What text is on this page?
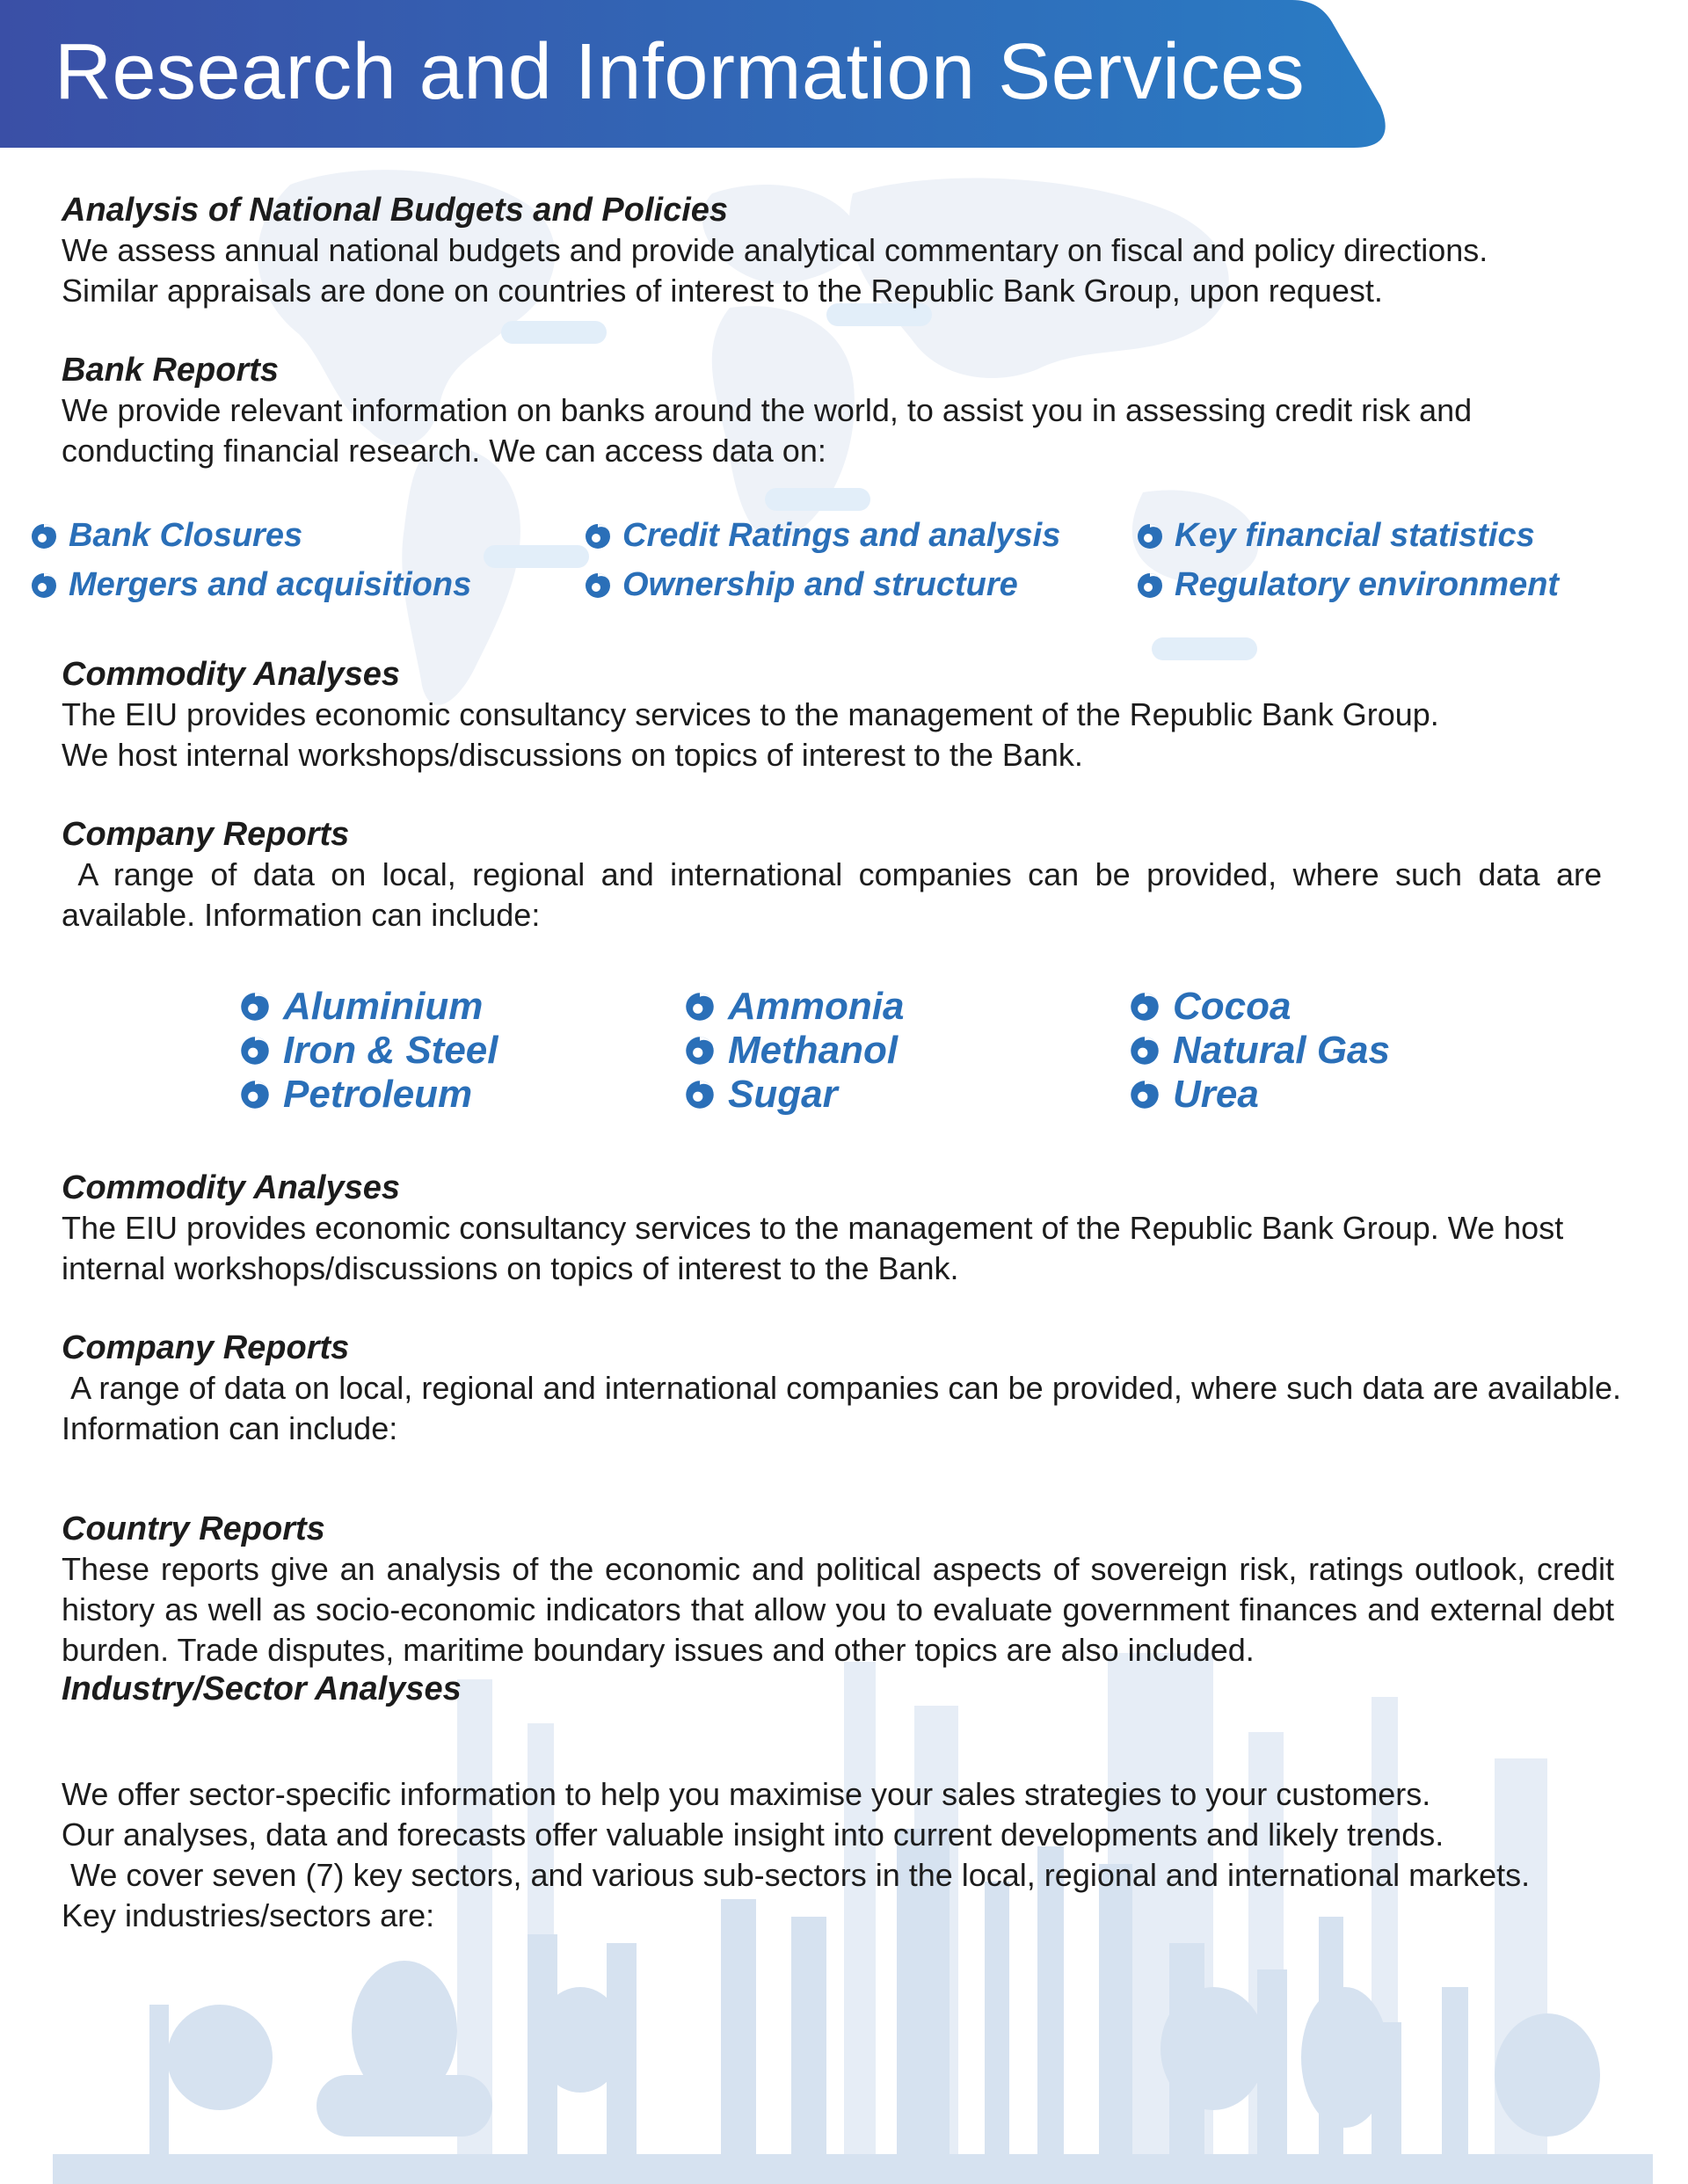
Research and Information Services
Analysis of National Budgets and Policies

We assess annual national budgets and provide analytical commentary on fiscal and policy directions.

Similar appraisals are done on countries of interest to the Republic Bank Group, upon request.

Bank Reports

We provide relevant information on banks around the world, to assist you in assessing credit risk and

conducting financial research. We can access data on:

Bank Closures	Credit Ratings and analysis	Key financial statistics
Mergers and acquisitions	Ownership and structure	Regulatory environment
Commodity Analyses

The EIU provides economic consultancy services to the management of the Republic Bank Group.

We host internal workshops/discussions on topics of interest to the Bank.

Company Reports

A range of data on local, regional and international companies can be provided, where such data are available. Information can include:

Aluminium	Ammonia	Cocoa
Iron & Steel	Methanol	Natural Gas
Petroleum	Sugar	Urea
Commodity Analyses

The EIU provides economic consultancy services to the management of the Republic Bank Group. We host internal workshops/discussions on topics of interest to the Bank.

Company Reports

A range of data on local, regional and international companies can be provided, where such data are available. Information can include:

Country Reports

These reports give an analysis of the economic and political aspects of sovereign risk, ratings outlook, credit history as well as socio-economic indicators that allow you to evaluate government finances and external debt burden. Trade disputes, maritime boundary issues and other topics are also included.

Industry/Sector Analyses

We offer sector-specific information to help you maximise your sales strategies to your customers.

Our analyses, data and forecasts offer valuable insight into current developments and likely trends.

We cover seven (7) key sectors, and various sub-sectors in the local, regional and international markets.

Key industries/sectors are:
